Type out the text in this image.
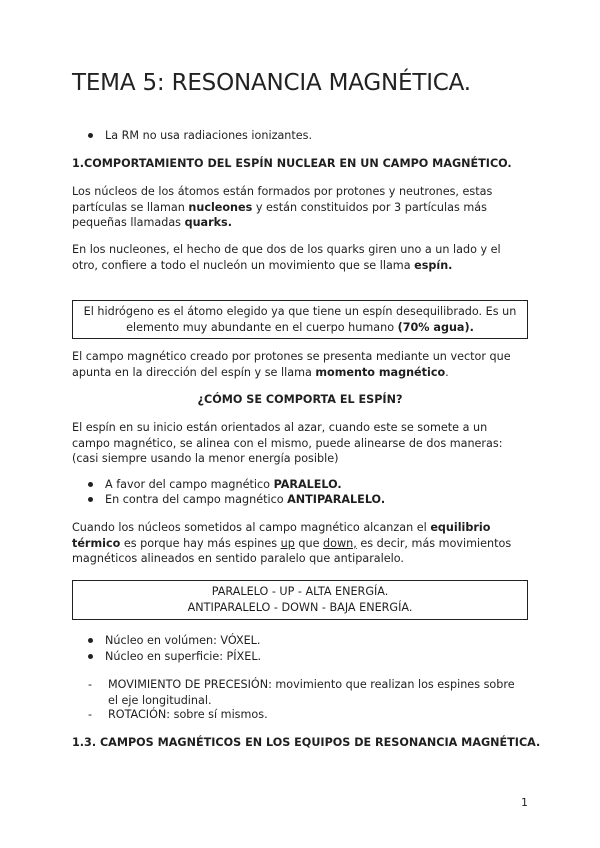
TEMA 5: RESONANCIA MAGNÉTICA.
La RM no usa radiaciones ionizantes.
1.COMPORTAMIENTO DEL ESPÍN NUCLEAR EN UN CAMPO MAGNÉTICO.
Los núcleos de los átomos están formados por protones y neutrones, estas partículas se llaman nucleones y están constituidos por 3 partículas más pequeñas llamadas quarks.
En los nucleones, el hecho de que dos de los quarks giren uno a un lado y el otro, confiere a todo el nucleón un movimiento que se llama espín.
El hidrógeno es el átomo elegido ya que tiene un espín desequilibrado. Es un elemento muy abundante en el cuerpo humano (70% agua).
El campo magnético creado por protones se presenta mediante un vector que apunta en la dirección del espín y se llama momento magnético.
¿CÓMO SE COMPORTA EL ESPÍN?
El espín en su inicio están orientados al azar, cuando este se somete a un campo magnético, se alinea con el mismo, puede alinearse de dos maneras: (casi siempre usando la menor energía posible)
A favor del campo magnético PARALELO.
En contra del campo magnético ANTIPARALELO.
Cuando los núcleos sometidos al campo magnético alcanzan el equilibrio térmico es porque hay más espines up que down, es decir, más movimientos magnéticos alineados en sentido paralelo que antiparalelo.
PARALELO - UP - ALTA ENERGÍA.
ANTIPARALELO - DOWN - BAJA ENERGÍA.
Núcleo en volúmen: VÓXEL.
Núcleo en superficie: PÍXEL.
- MOVIMIENTO DE PRECESIÓN: movimiento que realizan los espines sobre el eje longitudinal.
- ROTACIÓN: sobre sí mismos.
1.3. CAMPOS MAGNÉTICOS EN LOS EQUIPOS DE RESONANCIA MAGNÉTICA.
1
